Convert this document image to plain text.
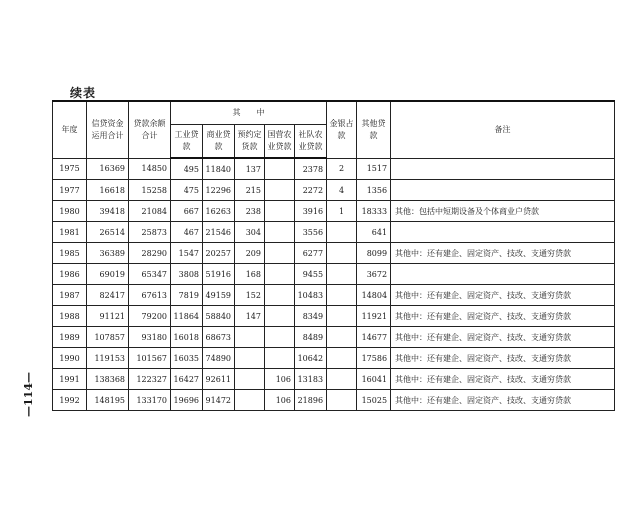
续表
—114—
年度	信贷资金运用合计	贷款余额合计	其　　中					金银占款	其他贷款	备注
			工业贷款	商业贷款	预约定货款	国营农业贷款	社队农业贷款			
1975	16369	14850	495	11840	137		2378	2	1517	
1977	16618	15258	475	12296	215		2272	4	1356	
1980	39418	21084	667	16263	238		3916	1	18333	其他：包括中短期设备及个体商业户贷款
1981	26514	25873	467	21546	304		3556		641	
1985	36389	28290	1547	20257	209		6277		8099	其他中：还有建企、固定资产、技改、支通穷贷款
1986	69019	65347	3808	51916	168		9455		3672	
1987	82417	67613	7819	49159	152		10483		14804	其他中：还有建企、固定资产、技改、支通穷贷款
1988	91121	79200	11864	58840	147		8349		11921	其他中：还有建企、固定资产、技改、支通穷贷款
1989	107857	93180	16018	68673			8489		14677	其他中：还有建企、固定资产、技改、支通穷贷款
1990	119153	101567	16035	74890			10642		17586	其他中：还有建企、固定资产、技改、支通穷贷款
1991	138368	122327	16427	92611		106	13183		16041	其他中：还有建企、固定资产、技改、支通穷贷款
1992	148195	133170	19696	91472		106	21896		15025	其他中：还有建企、固定资产、技改、支通穷贷款
